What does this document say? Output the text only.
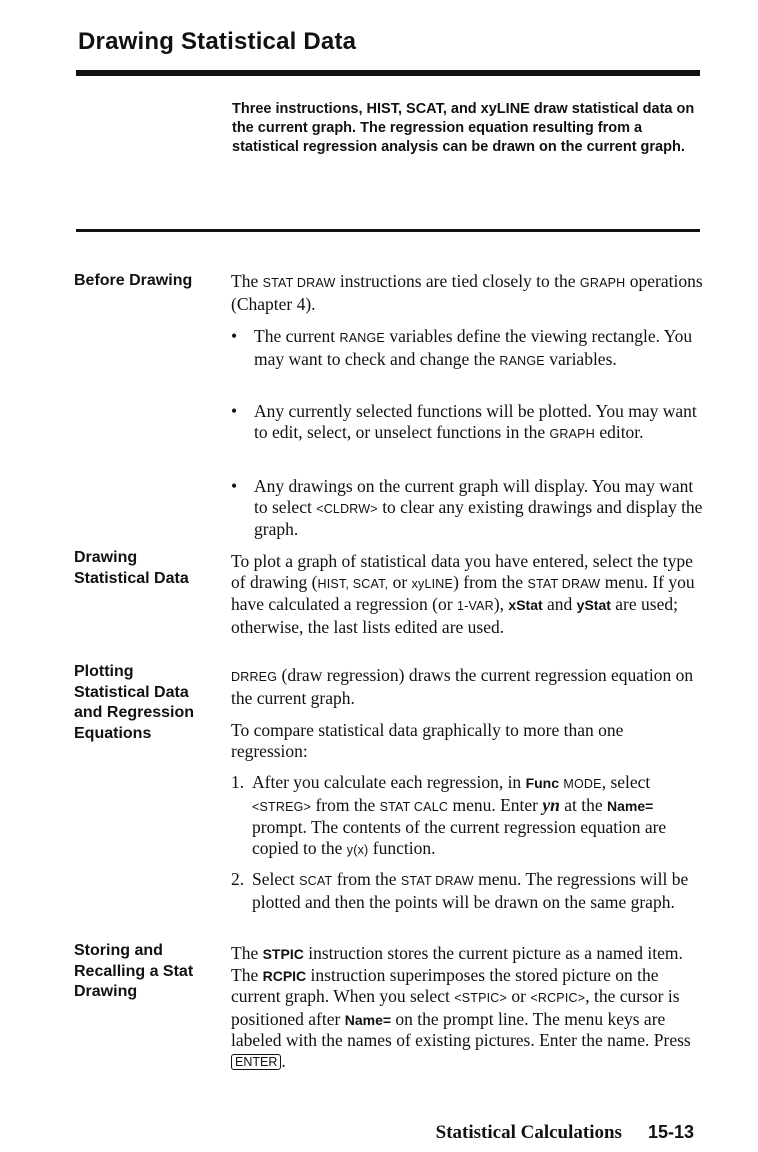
Drawing Statistical Data
Three instructions, HIST, SCAT, and xyLINE draw statistical data on the current graph. The regression equation resulting from a statistical regression analysis can be drawn on the current graph.
Before Drawing	The STAT DRAW instructions are tied closely to the GRAPH operations (Chapter 4).

• The current RANGE variables define the viewing rectangle. You may want to check and change the RANGE variables.
• Any currently selected functions will be plotted. You may want to edit, select, or unselect functions in the GRAPH editor.
• Any drawings on the current graph will display. You may want to select <CLDRW> to clear any existing drawings and display the graph.
Drawing
Statistical Data

To plot a graph of statistical data you have entered, select the type of drawing (HIST, SCAT, or xyLINE) from the STAT DRAW menu. If you have calculated a regression (or 1-VAR), xStat and yStat are used; otherwise, the last lists edited are used.

Plotting
Statistical Data
and Regression
Equations

DRREG (draw regression) draws the current regression equation on the current graph.

To compare statistical data graphically to more than one regression:
1. After you calculate each regression, in Func MODE, select <STREG> from the STAT CALC menu. Enter yn at the Name= prompt. The contents of the current regression equation are copied to the y(x) function.
2. Select SCAT from the STAT DRAW menu. The regressions will be plotted and then the points will be drawn on the same graph.
Storing and
Recalling a Stat
Drawing

The STPIC instruction stores the current picture as a named item. The RCPIC instruction superimposes the stored picture on the current graph. When you select <STPIC> or <RCPIC>, the cursor is positioned after Name= on the prompt line. The menu keys are labeled with the names of existing pictures. Enter the name. Press ENTER .

Statistical Calculations 15-13
